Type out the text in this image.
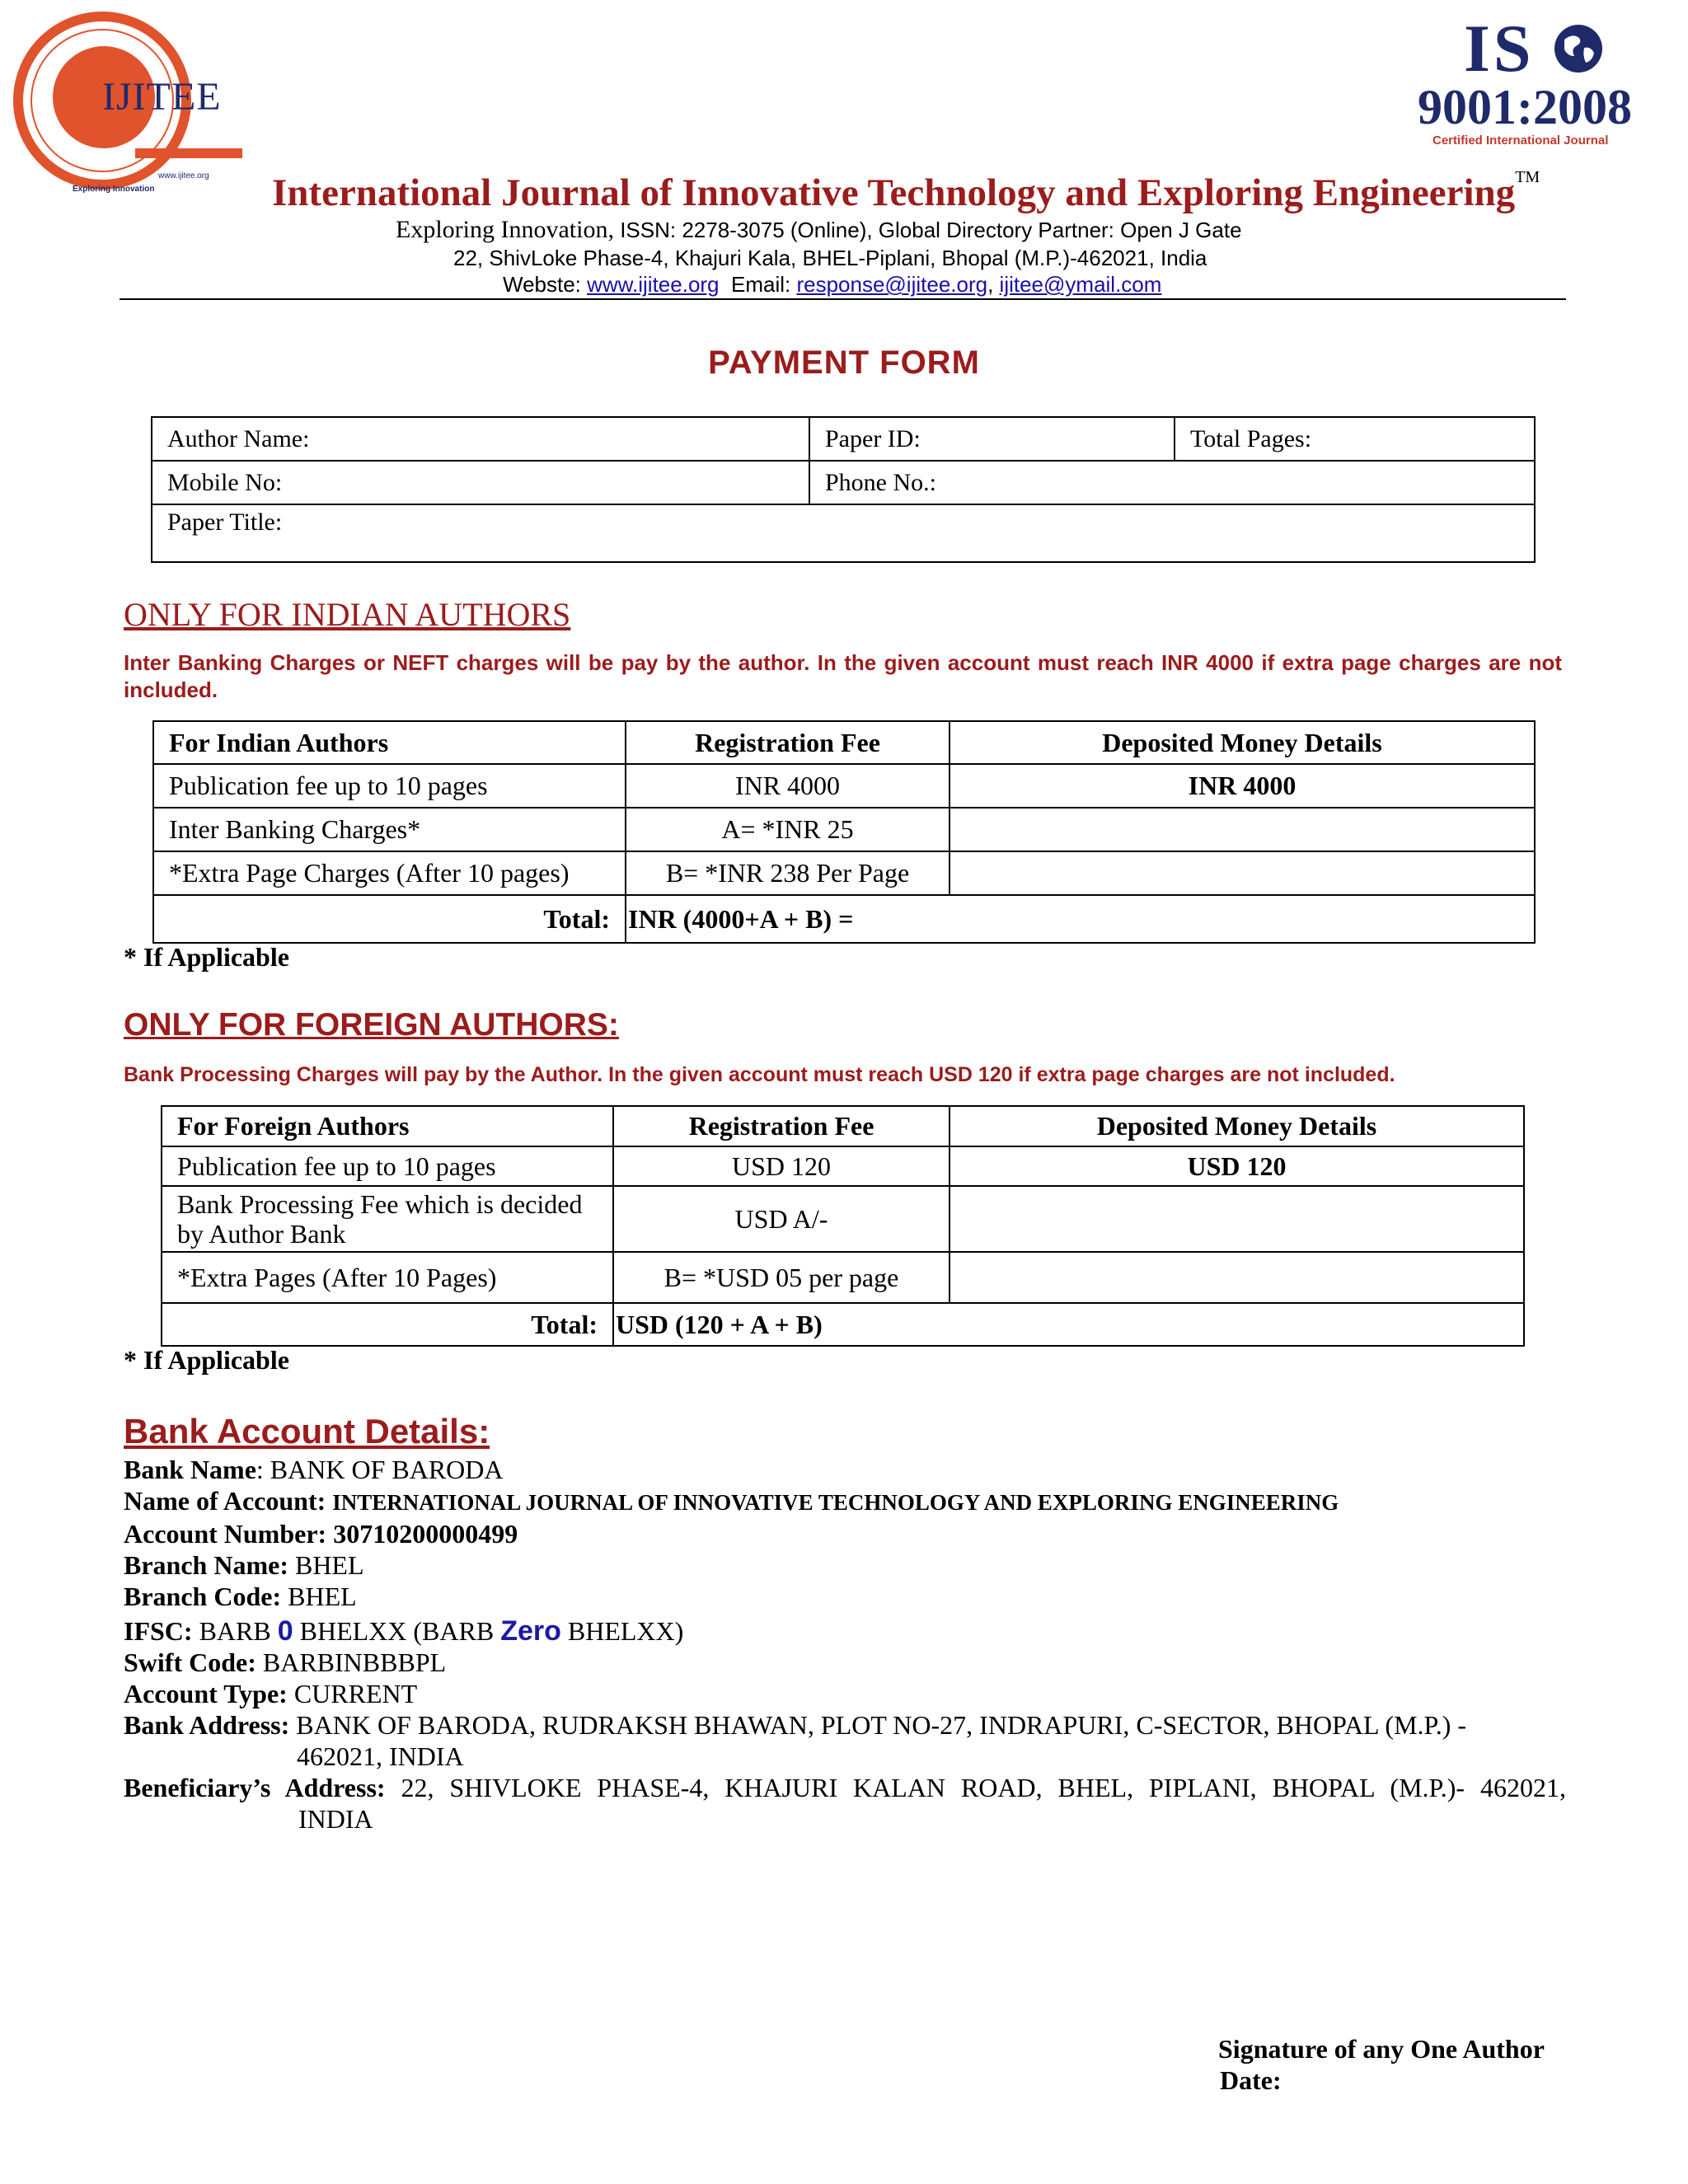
IJITEE
www.ijitee.org
Exploring Innovation
IS
9001:2008
Certified International Journal
International Journal of Innovative Technology and Exploring Engineering™
Exploring Innovation, ISSN: 2278-3075 (Online), Global Directory Partner: Open J Gate
22, ShivLoke Phase-4, Khajuri Kala, BHEL-Piplani, Bhopal (M.P.)-462021, India
Webste: www.ijitee.org  Email: response@ijitee.org, ijitee@ymail.com
PAYMENT FORM
Author Name:	Paper ID:	Total Pages:
Mobile No:	Phone No.:	
Paper Title:		
ONLY FOR INDIAN AUTHORS
Inter Banking Charges or NEFT charges will be pay by the author. In the given account must reach INR 4000 if extra page charges are not included.
For Indian Authors	Registration Fee	Deposited Money Details
Publication fee up to 10 pages	INR 4000	INR 4000
Inter Banking Charges*	A= *INR 25	
*Extra Page Charges (After 10 pages)	B= *INR 238 Per Page	
Total:	INR (4000+A + B) =	
* If Applicable
ONLY FOR FOREIGN AUTHORS:
Bank Processing Charges will pay by the Author. In the given account must reach USD 120 if extra page charges are not included.
For Foreign Authors	Registration Fee	Deposited Money Details
Publication fee up to 10 pages	USD 120	USD 120
Bank Processing Fee which is decided by Author Bank	USD A/-	
*Extra Pages (After 10 Pages)	B= *USD 05 per page	
Total:	USD (120 + A + B)	
* If Applicable
Bank Account Details:
Bank Name: BANK OF BARODA
Name of Account: INTERNATIONAL JOURNAL OF INNOVATIVE TECHNOLOGY AND EXPLORING ENGINEERING
Account Number: 30710200000499
Branch Name: BHEL
Branch Code: BHEL
IFSC: BARB 0 BHELXX (BARB Zero BHELXX)
Swift Code: BARBINBBBPL
Account Type: CURRENT
Bank Address: BANK OF BARODA, RUDRAKSH BHAWAN, PLOT NO-27, INDRAPURI, C-SECTOR, BHOPAL (M.P.) -
462021, INDIA
Beneficiary’s Address: 22, SHIVLOKE PHASE-4, KHAJURI KALAN ROAD, BHEL, PIPLANI, BHOPAL (M.P.)- 462021,
INDIA
Signature of any One Author
Date:
